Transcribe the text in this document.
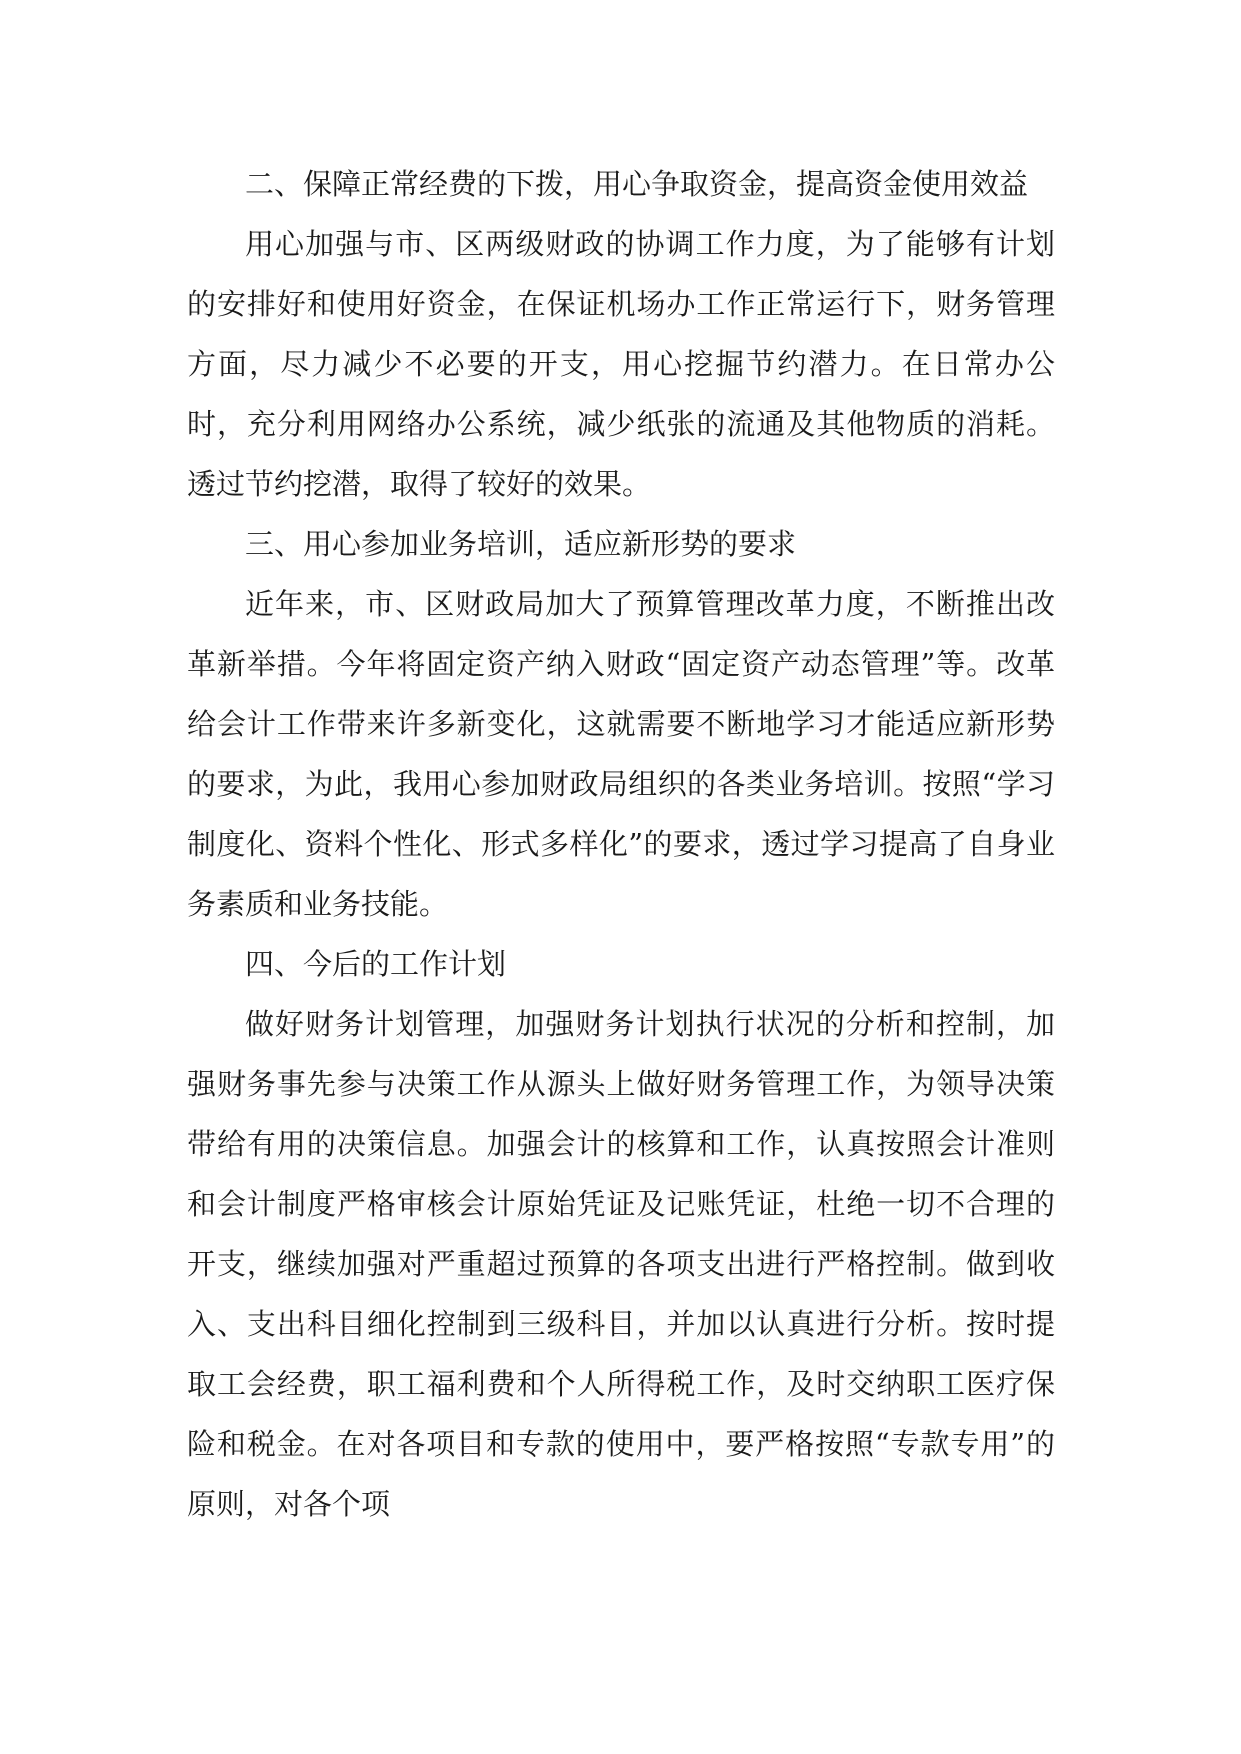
二、保障正常经费的下拨，用心争取资金，提高资金使用效益

用心加强与市、区两级财政的协调工作力度，为了能够有计划的安排好和使用好资金，在保证机场办工作正常运行下，财务管理方面，尽力减少不必要的开支，用心挖掘节约潜力。在日常办公时，充分利用网络办公系统，减少纸张的流通及其他物质的消耗。透过节约挖潜，取得了较好的效果。

三、用心参加业务培训，适应新形势的要求

近年来，市、区财政局加大了预算管理改革力度，不断推出改革新举措。今年将固定资产纳入财政“固定资产动态管理”等。改革给会计工作带来许多新变化，这就需要不断地学习才能适应新形势的要求，为此，我用心参加财政局组织的各类业务培训。按照“学习制度化、资料个性化、形式多样化”的要求，透过学习提高了自身业务素质和业务技能。

四、今后的工作计划

做好财务计划管理，加强财务计划执行状况的分析和控制，加强财务事先参与决策工作从源头上做好财务管理工作，为领导决策带给有用的决策信息。加强会计的核算和工作，认真按照会计准则和会计制度严格审核会计原始凭证及记账凭证，杜绝一切不合理的开支，继续加强对严重超过预算的各项支出进行严格控制。做到收入、支出科目细化控制到三级科目，并加以认真进行分析。按时提取工会经费，职工福利费和个人所得税工作，及时交纳职工医疗保险和税金。在对各项目和专款的使用中，要严格按照“专款专用”的原则，对各个项
